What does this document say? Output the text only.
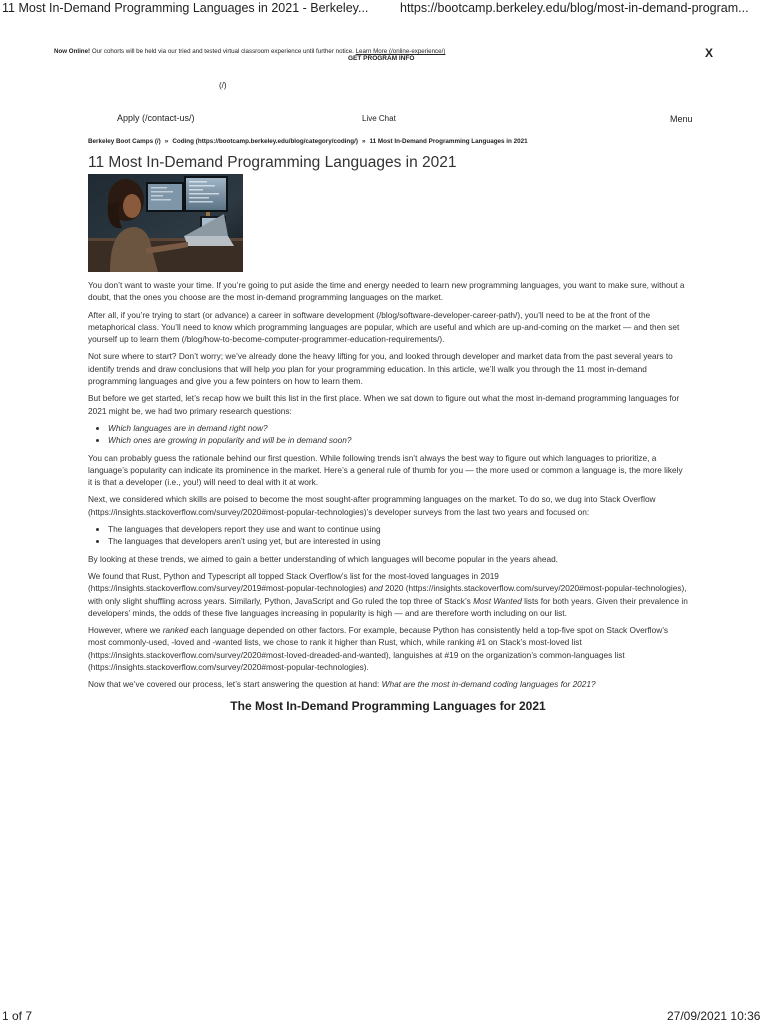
11 Most In-Demand Programming Languages in 2021 - Berkeley...	https://bootcamp.berkeley.edu/blog/most-in-demand-program...
Now Online! Our cohorts will be held via our tried and tested virtual classroom experience until further notice. Learn More (/online-experience/)
GET PROGRAM INFO	X
(/)
Apply (/contact-us/)	Live Chat	Menu
Berkeley Boot Camps (/) » Coding (https://bootcamp.berkeley.edu/blog/category/coding/) » 11 Most In-Demand Programming Languages in 2021
11 Most In-Demand Programming Languages in 2021

You don’t want to waste your time. If you’re going to put aside the time and energy needed to learn new programming languages, you want to make sure, without a doubt, that the ones you choose are the most in-demand programming languages on the market.

After all, if you’re trying to start (or advance) a career in software development (/blog/software-developer-career-path/), you’ll need to be at the front of the metaphorical class. You’ll need to know which programming languages are popular, which are useful and which are up-and-coming on the market — and then set yourself up to learn them (/blog/how-to-become-computer-programmer-education-requirements/).

Not sure where to start? Don’t worry; we’ve already done the heavy lifting for you, and looked through developer and market data from the past several years to identify trends and draw conclusions that will help you plan for your programming education. In this article, we’ll walk you through the 11 most in-demand programming languages and give you a few pointers on how to learn them.

But before we get started, let’s recap how we built this list in the first place. When we sat down to figure out what the most in-demand programming languages for 2021 might be, we had two primary research questions:

• Which languages are in demand right now?
• Which ones are growing in popularity and will be in demand soon?

You can probably guess the rationale behind our first question. While following trends isn’t always the best way to figure out which languages to prioritize, a language’s popularity can indicate its prominence in the market. Here’s a general rule of thumb for you — the more used or common a language is, the more likely it is that a developer (i.e., you!) will need to deal with it at work.

Next, we considered which skills are poised to become the most sought-after programming languages on the market. To do so, we dug into Stack Overflow (https://insights.stackoverflow.com/survey/2020#most-popular-technologies)’s developer surveys from the last two years and focused on:

• The languages that developers report they use and want to continue using
• The languages that developers aren’t using yet, but are interested in using

By looking at these trends, we aimed to gain a better understanding of which languages will become popular in the years ahead.

We found that Rust, Python and Typescript all topped Stack Overflow’s list for the most-loved languages in 2019 (https://insights.stackoverflow.com/survey/2019#most-popular-technologies) and 2020 (https://insights.stackoverflow.com/survey/2020#most-popular-technologies), with only slight shuffling across years. Similarly, Python, JavaScript and Go ruled the top three of Stack’s Most Wanted lists for both years. Given their prevalence in developers’ minds, the odds of these five languages increasing in popularity is high — and are therefore worth including on our list.

However, where we ranked each language depended on other factors. For example, because Python has consistently held a top-five spot on Stack Overflow’s most commonly-used, -loved and -wanted lists, we chose to rank it higher than Rust, which, while ranking #1 on Stack’s most-loved list (https://insights.stackoverflow.com/survey/2020#most-loved-dreaded-and-wanted), languishes at #19 on the organization’s common-languages list (https://insights.stackoverflow.com/survey/2020#most-popular-technologies).

Now that we’ve covered our process, let’s start answering the question at hand: What are the most in-demand coding languages for 2021?

The Most In-Demand Programming Languages for 2021
1 of 7	27/09/2021 10:36
